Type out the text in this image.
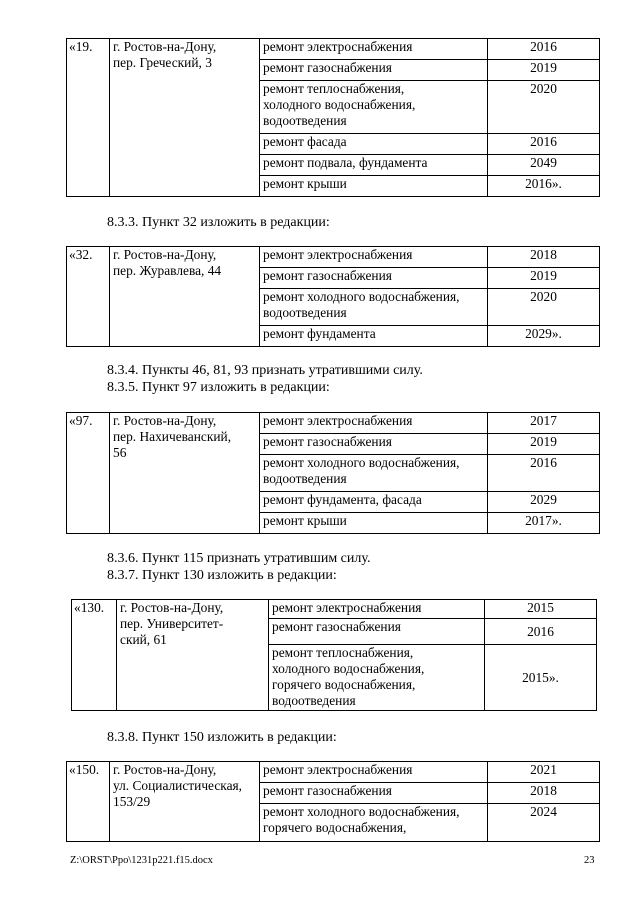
«19.	г. Ростов-на-Дону,
пер. Греческий, 3	ремонт электроснабжения	2016
		ремонт газоснабжения	2019
		ремонт теплоснабжения,
холодного водоснабжения,
водоотведения	2020
		ремонт фасада	2016
		ремонт подвала, фундамента	2049
		ремонт крыши	2016».
8.3.3. Пункт 32 изложить в редакции:
«32.	г. Ростов-на-Дону,
пер. Журавлева, 44	ремонт электроснабжения	2018
		ремонт газоснабжения	2019
		ремонт холодного водоснабжения,
водоотведения	2020
		ремонт фундамента	2029».
8.3.4. Пункты 46, 81, 93 признать утратившими силу.
8.3.5. Пункт 97 изложить в редакции:
«97.	г. Ростов-на-Дону,
пер. Нахичеванский,
56	ремонт электроснабжения	2017
		ремонт газоснабжения	2019
		ремонт холодного водоснабжения,
водоотведения	2016
		ремонт фундамента, фасада	2029
		ремонт крыши	2017».
8.3.6. Пункт 115 признать утратившим силу.
8.3.7. Пункт 130 изложить в редакции:
«130.	г. Ростов-на-Дону,
пер. Университет-
ский, 61	ремонт электроснабжения	2015
		ремонт газоснабжения	2016
		ремонт теплоснабжения,
холодного водоснабжения,
горячего водоснабжения,
водоотведения	2015».
8.3.8. Пункт 150 изложить в редакции:
«150.	г. Ростов-на-Дону,
ул. Социалистическая,
153/29	ремонт электроснабжения	2021
		ремонт газоснабжения	2018
		ремонт холодного водоснабжения,
горячего водоснабжения,	2024
Z:\ORST\Ppo\1231p221.f15.docx	23
